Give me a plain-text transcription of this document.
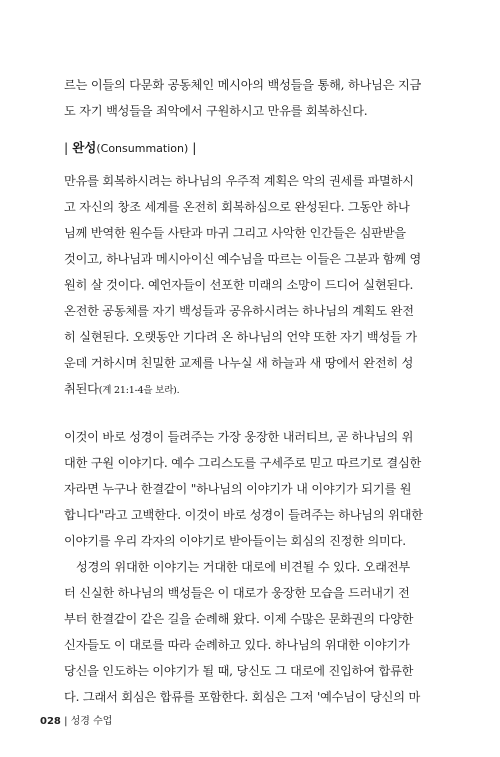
르는 이들의 다문화 공동체인 메시아의 백성들을 통해, 하나님은 지금
도 자기 백성들을 죄악에서 구원하시고 만유를 회복하신다.
| 완성(Consummation) |
만유를 회복하시려는 하나님의 우주적 계획은 악의 권세를 파멸하시
고 자신의 창조 세계를 온전히 회복하심으로 완성된다. 그동안 하나
님께 반역한 원수들 사탄과 마귀 그리고 사악한 인간들은 심판받을
것이고, 하나님과 메시아이신 예수님을 따르는 이들은 그분과 함께 영
원히 살 것이다. 예언자들이 선포한 미래의 소망이 드디어 실현된다.
온전한 공동체를 자기 백성들과 공유하시려는 하나님의 계획도 완전
히 실현된다. 오랫동안 기다려 온 하나님의 언약 또한 자기 백성들 가
운데 거하시며 친밀한 교제를 나누실 새 하늘과 새 땅에서 완전히 성
취된다(계 21:1-4을 보라).
이것이 바로 성경이 들려주는 가장 웅장한 내러티브, 곧 하나님의 위
대한 구원 이야기다. 예수 그리스도를 구세주로 믿고 따르기로 결심한
자라면 누구나 한결같이 "하나님의 이야기가 내 이야기가 되기를 원
합니다"라고 고백한다. 이것이 바로 성경이 들려주는 하나님의 위대한
이야기를 우리 각자의 이야기로 받아들이는 회심의 진정한 의미다.
성경의 위대한 이야기는 거대한 대로에 비견될 수 있다. 오래전부
터 신실한 하나님의 백성들은 이 대로가 웅장한 모습을 드러내기 전
부터 한결같이 같은 길을 순례해 왔다. 이제 수많은 문화권의 다양한
신자들도 이 대로를 따라 순례하고 있다. 하나님의 위대한 이야기가
당신을 인도하는 이야기가 될 때, 당신도 그 대로에 진입하여 합류한
다. 그래서 회심은 합류를 포함한다. 회심은 그저 '예수님이 당신의 마
028 | 성경 수업
